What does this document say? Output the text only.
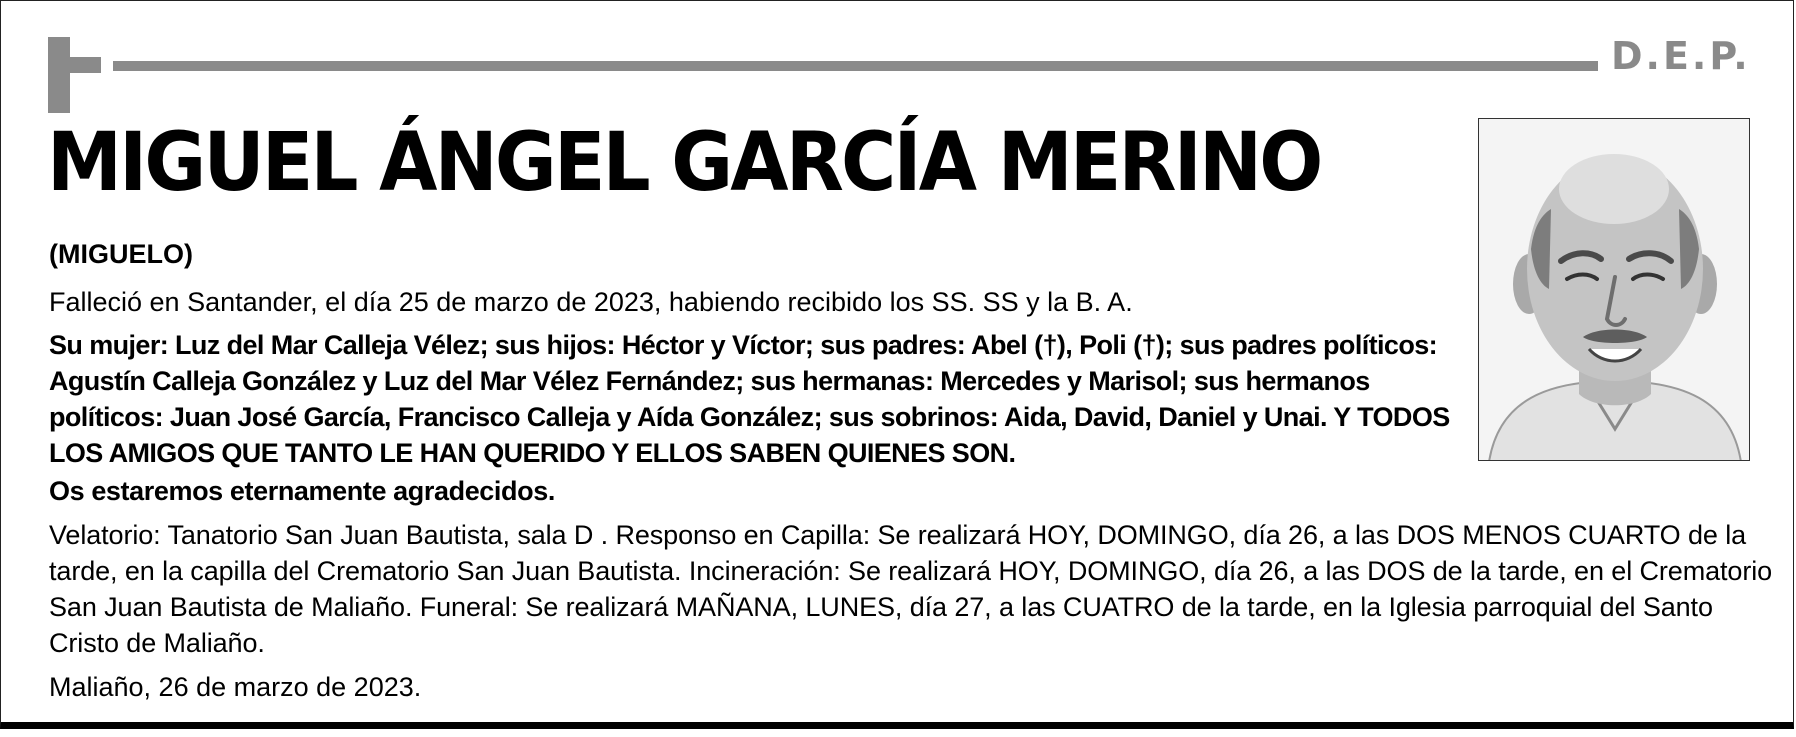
D.E.P.
MIGUEL ÁNGEL GARCÍA MERINO
(MIGUELO)
Falleció en Santander, el día 25 de marzo de 2023, habiendo recibido los SS. SS y la B. A.
Su mujer: Luz del Mar Calleja Vélez; sus hijos: Héctor y Víctor; sus padres: Abel (†), Poli (†); sus padres políticos: Agustín Calleja González y Luz del Mar Vélez Fernández; sus hermanas: Mercedes y Marisol; sus hermanos políticos: Juan José García, Francisco Calleja y Aída González; sus sobrinos: Aida, David, Daniel y Unai. Y TODOS LOS AMIGOS QUE TANTO LE HAN QUERIDO Y ELLOS SABEN QUIENES SON.
Os estaremos eternamente agradecidos.
Velatorio: Tanatorio San Juan Bautista, sala D . Responso en Capilla: Se realizará HOY, DOMINGO, día 26, a las DOS MENOS CUARTO de la tarde, en la capilla del Crematorio San Juan Bautista. Incineración: Se realizará HOY, DOMINGO, día 26, a las DOS de la tarde, en el Crematorio San Juan Bautista de Maliaño. Funeral: Se realizará MAÑANA, LUNES, día 27, a las CUATRO de la tarde, en la Iglesia parroquial del Santo Cristo de Maliaño.
Maliaño, 26 de marzo de 2023.
